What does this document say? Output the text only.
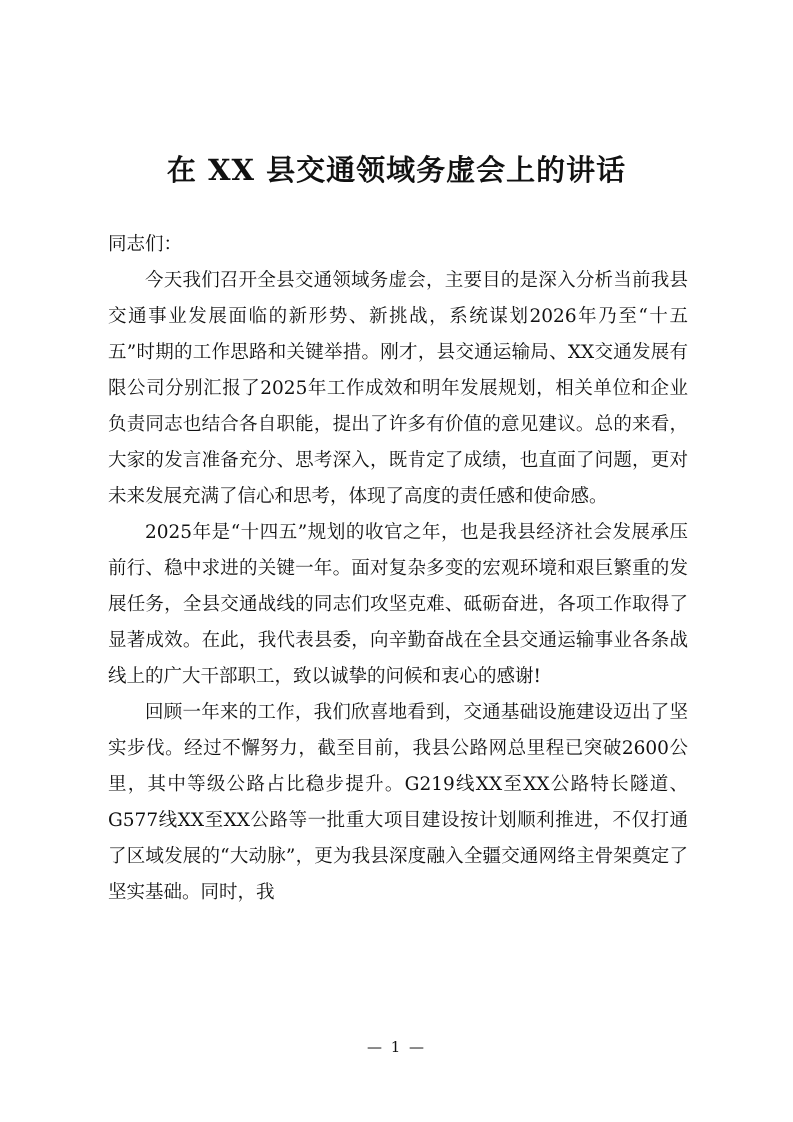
在 XX 县交通领域务虚会上的讲话

同志们：

今天我们召开全县交通领域务虚会，主要目的是深入分析当前我县交通事业发展面临的新形势、新挑战，系统谋划2026年乃至“十五五”时期的工作思路和关键举措。刚才，县交通运输局、XX交通发展有限公司分别汇报了2025年工作成效和明年发展规划，相关单位和企业负责同志也结合各自职能，提出了许多有价值的意见建议。总的来看，大家的发言准备充分、思考深入，既肯定了成绩，也直面了问题，更对未来发展充满了信心和思考，体现了高度的责任感和使命感。

2025年是“十四五”规划的收官之年，也是我县经济社会发展承压前行、稳中求进的关键一年。面对复杂多变的宏观环境和艰巨繁重的发展任务，全县交通战线的同志们攻坚克难、砥砺奋进，各项工作取得了显著成效。在此，我代表县委，向辛勤奋战在全县交通运输事业各条战线上的广大干部职工，致以诚挚的问候和衷心的感谢!

回顾一年来的工作，我们欣喜地看到，交通基础设施建设迈出了坚实步伐。经过不懈努力，截至目前，我县公路网总里程已突破2600公里，其中等级公路占比稳步提升。G219线XX至XX公路特长隧道、G577线XX至XX公路等一批重大项目建设按计划顺利推进，不仅打通了区域发展的“大动脉”，更为我县深度融入全疆交通网络主骨架奠定了坚实基础。同时，我

— 1 —
